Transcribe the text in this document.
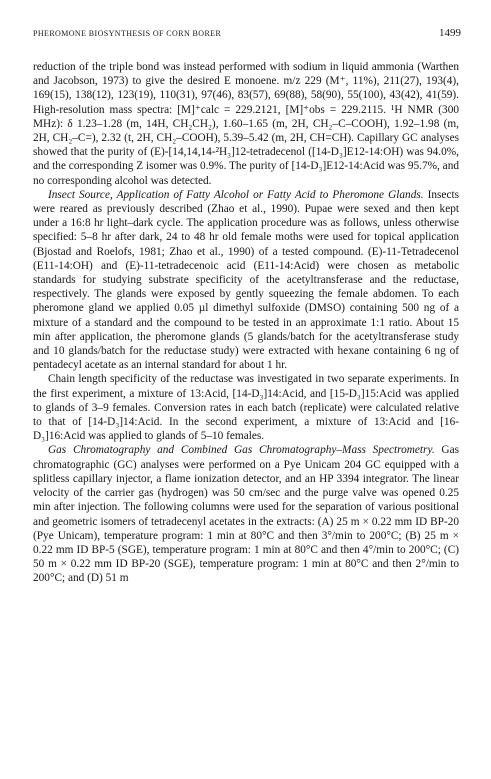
PHEROMONE BIOSYNTHESIS OF CORN BORER	1499

reduction of the triple bond was instead performed with sodium in liquid ammonia (Warthen and Jacobson, 1973) to give the desired E monoene. m/z 229 (M⁺, 11%), 211(27), 193(4), 169(15), 138(12), 123(19), 110(31), 97(46), 83(57), 69(88), 58(90), 55(100), 43(42), 41(59). High-resolution mass spectra: [M]⁺calc = 229.2121, [M]⁺obs = 229.2115. ¹H NMR (300 MHz): δ 1.23–1.28 (m, 14H, CH₂CH₂), 1.60–1.65 (m, 2H, CH₂–C–COOH), 1.92–1.98 (m, 2H, CH₂–C=), 2.32 (t, 2H, CH₂–COOH), 5.39–5.42 (m, 2H, CH=CH). Capillary GC analyses showed that the purity of (E)-[14,14,14-²H₃]12-tetradecenol ([14-D₃]E12-14:OH) was 94.0%, and the corresponding Z isomer was 0.9%. The purity of [14-D₃]E12-14:Acid was 95.7%, and no corresponding alcohol was detected.

Insect Source, Application of Fatty Alcohol or Fatty Acid to Pheromone Glands. Insects were reared as previously described (Zhao et al., 1990). Pupae were sexed and then kept under a 16:8 hr light–dark cycle. The application procedure was as follows, unless otherwise specified: 5–8 hr after dark, 24 to 48 hr old female moths were used for topical application (Bjostad and Roelofs, 1981; Zhao et al., 1990) of a tested compound. (E)-11-Tetradecenol (E11-14:OH) and (E)-11-tetradecenoic acid (E11-14:Acid) were chosen as metabolic standards for studying substrate specificity of the acetyltransferase and the reductase, respectively. The glands were exposed by gently squeezing the female abdomen. To each pheromone gland we applied 0.05 µl dimethyl sulfoxide (DMSO) containing 500 ng of a mixture of a standard and the compound to be tested in an approximate 1:1 ratio. About 15 min after application, the pheromone glands (5 glands/batch for the acetyltransferase study and 10 glands/batch for the reductase study) were extracted with hexane containing 6 ng of pentadecyl acetate as an internal standard for about 1 hr.

Chain length specificity of the reductase was investigated in two separate experiments. In the first experiment, a mixture of 13:Acid, [14-D₃]14:Acid, and [15-D₃]15:Acid was applied to glands of 3–9 females. Conversion rates in each batch (replicate) were calculated relative to that of [14-D₃]14:Acid. In the second experiment, a mixture of 13:Acid and [16-D₃]16:Acid was applied to glands of 5–10 females.

Gas Chromatography and Combined Gas Chromatography–Mass Spectrometry. Gas chromatographic (GC) analyses were performed on a Pye Unicam 204 GC equipped with a splitless capillary injector, a flame ionization detector, and an HP 3394 integrator. The linear velocity of the carrier gas (hydrogen) was 50 cm/sec and the purge valve was opened 0.25 min after injection. The following columns were used for the separation of various positional and geometric isomers of tetradecenyl acetates in the extracts: (A) 25 m × 0.22 mm ID BP-20 (Pye Unicam), temperature program: 1 min at 80°C and then 3°/min to 200°C; (B) 25 m × 0.22 mm ID BP-5 (SGE), temperature program: 1 min at 80°C and then 4°/min to 200°C; (C) 50 m × 0.22 mm ID BP-20 (SGE), temperature program: 1 min at 80°C and then 2°/min to 200°C; and (D) 51 m
